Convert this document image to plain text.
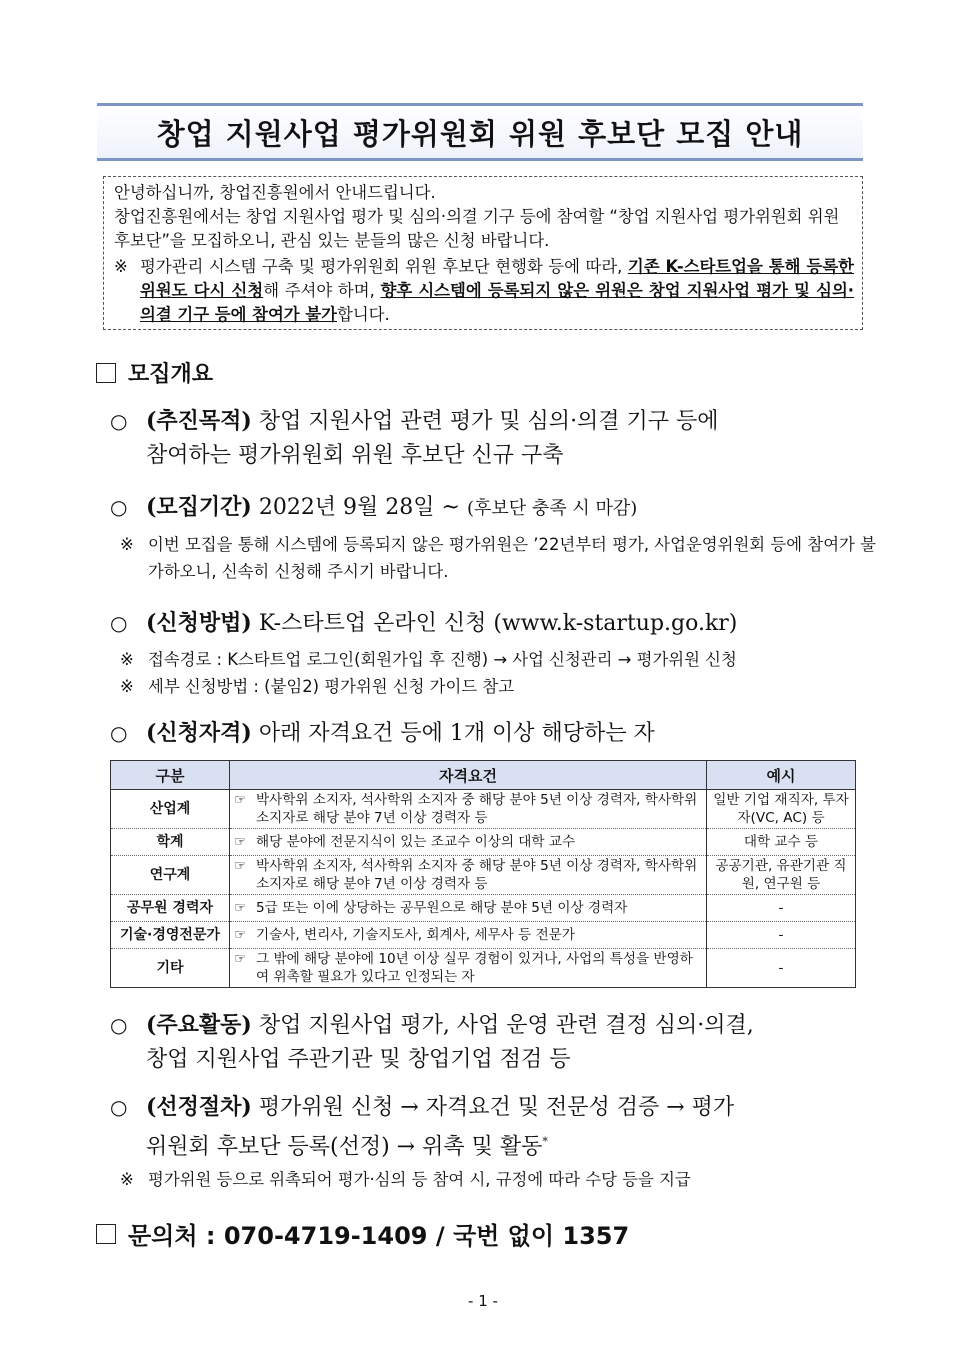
창업 지원사업 평가위원회 위원 후보단 모집 안내

안녕하십니까, 창업진흥원에서 안내드립니다.

창업진흥원에서는 창업 지원사업 평가 및 심의·의결 기구 등에 참여할 “창업 지원사업 평가위원회 위원 후보단”을 모집하오니, 관심 있는 분들의 많은 신청 바랍니다.

※ 평가관리 시스템 구축 및 평가위원회 위원 후보단 현행화 등에 따라, 기존 K-스타트업을 통해 등록한 위원도 다시 신청해 주셔야 하며, 향후 시스템에 등록되지 않은 위원은 창업 지원사업 평가 및 심의·의결 기구 등에 참여가 불가합니다.
모집개요
○ (추진목적) 창업 지원사업 관련 평가 및 심의·의결 기구 등에
참여하는 평가위원회 위원 후보단 신규 구축
○ (모집기간) 2022년 9월 28일 ~ (후보단 충족 시 마감)
※ 이번 모집을 통해 시스템에 등록되지 않은 평가위원은 ’22년부터 평가, 사업운영위원회 등에 참여가 불가하오니, 신속히 신청해 주시기 바랍니다.
○ (신청방법) K-스타트업 온라인 신청 (www.k-startup.go.kr)
※ 접속경로 : K스타트업 로그인(회원가입 후 진행) → 사업 신청관리 → 평가위원 신청
※ 세부 신청방법 : (붙임2) 평가위원 신청 가이드 참고
○ (신청자격) 아래 자격요건 등에 1개 이상 해당하는 자
구분	자격요건	예시
산업계	☞ 박사학위 소지자, 석사학위 소지자 중 해당 분야 5년 이상 경력자, 학사학위 소지자로 해당 분야 7년 이상 경력자 등	일반 기업 재직자, 투자자(VC, AC) 등
학계	☞ 해당 분야에 전문지식이 있는 조교수 이상의 대학 교수	대학 교수 등
연구계	☞ 박사학위 소지자, 석사학위 소지자 중 해당 분야 5년 이상 경력자, 학사학위 소지자로 해당 분야 7년 이상 경력자 등	공공기관, 유관기관 직원, 연구원 등
공무원 경력자	☞ 5급 또는 이에 상당하는 공무원으로 해당 분야 5년 이상 경력자	-
기술·경영전문가	☞ 기술사, 변리사, 기술지도사, 회계사, 세무사 등 전문가	-
기타	☞ 그 밖에 해당 분야에 10년 이상 실무 경험이 있거나, 사업의 특성을 반영하여 위촉할 필요가 있다고 인정되는 자	-
○ (주요활동) 창업 지원사업 평가, 사업 운영 관련 결정 심의·의결,
창업 지원사업 주관기관 및 창업기업 점검 등
○ (선정절차) 평가위원 신청 → 자격요건 및 전문성 검증 → 평가
위원회 후보단 등록(선정) → 위촉 및 활동*
※ 평가위원 등으로 위촉되어 평가·심의 등 참여 시, 규정에 따라 수당 등을 지급
문의처 : 070-4719-1409 / 국번 없이 1357
- 1 -
